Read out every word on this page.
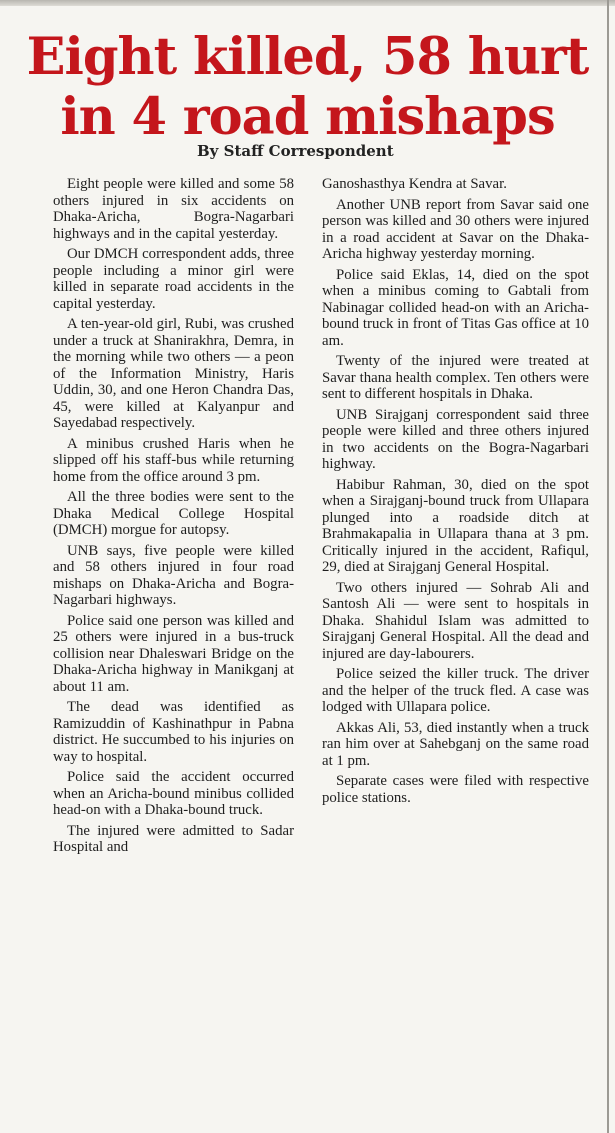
Eight killed, 58 hurt
in 4 road mishaps
By Staff Correspondent

Eight people were killed and some 58 others injured in six accidents on Dhaka-Aricha, Bogra-Nagarbari highways and in the capital yesterday.

Our DMCH correspondent adds, three people including a minor girl were killed in separate road accidents in the capital yesterday.

A ten-year-old girl, Rubi, was crushed under a truck at Shanirakhra, Demra, in the morning while two others — a peon of the Information Ministry, Haris Uddin, 30, and one Heron Chandra Das, 45, were killed at Kalyanpur and Sayedabad respectively.

A minibus crushed Haris when he slipped off his staff-bus while returning home from the office around 3 pm.

All the three bodies were sent to the Dhaka Medical College Hospital (DMCH) morgue for autopsy.

UNB says, five people were killed and 58 others injured in four road mishaps on Dhaka-Aricha and Bogra-Nagarbari highways.

Police said one person was killed and 25 others were injured in a bus-truck collision near Dhaleswari Bridge on the Dhaka-Aricha highway in Manikganj at about 11 am.

The dead was identified as Ramizuddin of Kashinathpur in Pabna district. He succumbed to his injuries on way to hospital.

Police said the accident occurred when an Aricha-bound minibus collided head-on with a Dhaka-bound truck.

The injured were admitted to Sadar Hospital and

Ganoshasthya Kendra at Savar.

Another UNB report from Savar said one person was killed and 30 others were injured in a road accident at Savar on the Dhaka-Aricha highway yesterday morning.

Police said Eklas, 14, died on the spot when a minibus coming to Gabtali from Nabinagar collided head-on with an Aricha-bound truck in front of Titas Gas office at 10 am.

Twenty of the injured were treated at Savar thana health complex. Ten others were sent to different hospitals in Dhaka.

UNB Sirajganj correspondent said three people were killed and three others injured in two accidents on the Bogra-Nagarbari highway.

Habibur Rahman, 30, died on the spot when a Sirajganj-bound truck from Ullapara plunged into a roadside ditch at Brahmakapalia in Ullapara thana at 3 pm. Critically injured in the accident, Rafiqul, 29, died at Sirajganj General Hospital.

Two others injured — Sohrab Ali and Santosh Ali — were sent to hospitals in Dhaka. Shahidul Islam was admitted to Sirajganj General Hospital. All the dead and injured are day-labourers.

Police seized the killer truck. The driver and the helper of the truck fled. A case was lodged with Ullapara police.

Akkas Ali, 53, died instantly when a truck ran him over at Sahebganj on the same road at 1 pm.

Separate cases were filed with respective police stations.
